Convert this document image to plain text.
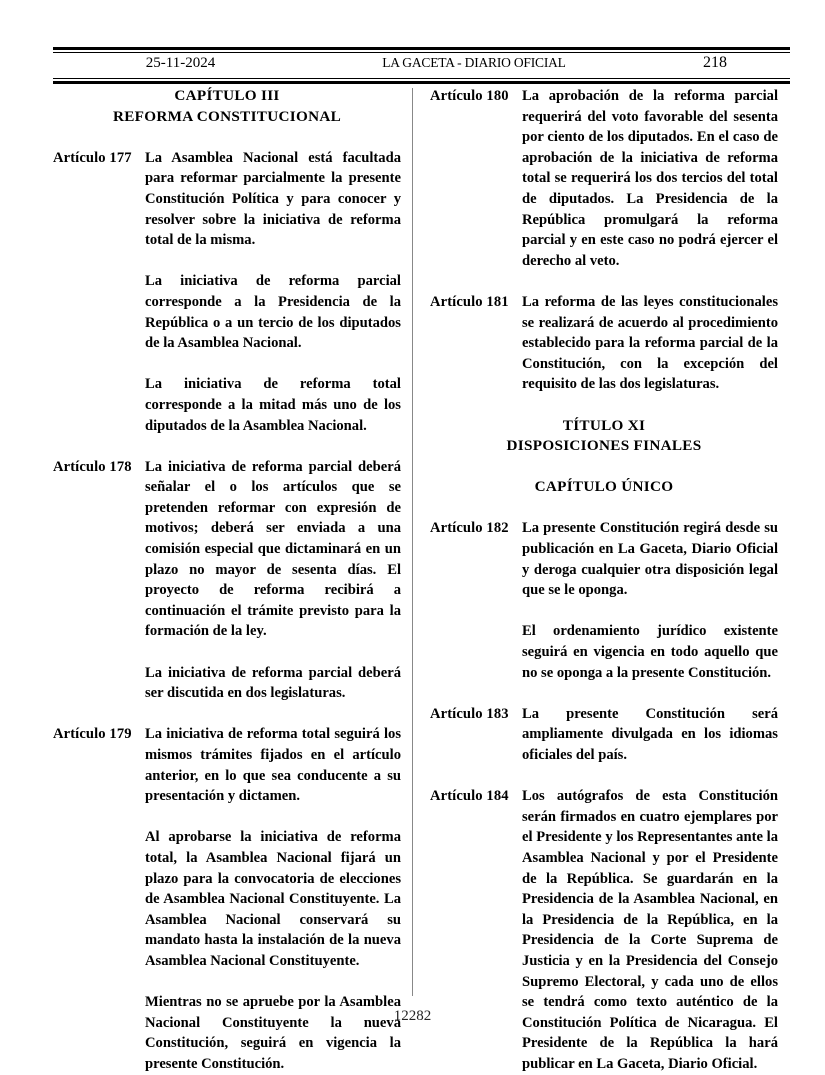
25-11-2024	LA GACETA - DIARIO OFICIAL	218
CAPÍTULO III
REFORMA CONSTITUCIONAL
Artículo 177 La Asamblea Nacional está facultada para reformar parcialmente la presente Constitución Política y para conocer y resolver sobre la iniciativa de reforma total de la misma.
La iniciativa de reforma parcial corresponde a la Presidencia de la República o a un tercio de los diputados de la Asamblea Nacional.
La iniciativa de reforma total corresponde a la mitad más uno de los diputados de la Asamblea Nacional.
Artículo 178 La iniciativa de reforma parcial deberá señalar el o los artículos que se pretenden reformar con expresión de motivos; deberá ser enviada a una comisión especial que dictaminará en un plazo no mayor de sesenta días. El proyecto de reforma recibirá a continuación el trámite previsto para la formación de la ley.
La iniciativa de reforma parcial deberá ser discutida en dos legislaturas.
Artículo 179 La iniciativa de reforma total seguirá los mismos trámites fijados en el artículo anterior, en lo que sea conducente a su presentación y dictamen.
Al aprobarse la iniciativa de reforma total, la Asamblea Nacional fijará un plazo para la convocatoria de elecciones de Asamblea Nacional Constituyente. La Asamblea Nacional conservará su mandato hasta la instalación de la nueva Asamblea Nacional Constituyente.
Mientras no se apruebe por la Asamblea Nacional Constituyente la nueva Constitución, seguirá en vigencia la presente Constitución.
Artículo 180 La aprobación de la reforma parcial requerirá del voto favorable del sesenta por ciento de los diputados. En el caso de aprobación de la iniciativa de reforma total se requerirá los dos tercios del total de diputados. La Presidencia de la República promulgará la reforma parcial y en este caso no podrá ejercer el derecho al veto.
Artículo 181 La reforma de las leyes constitucionales se realizará de acuerdo al procedimiento establecido para la reforma parcial de la Constitución, con la excepción del requisito de las dos legislaturas.
TÍTULO XI
DISPOSICIONES FINALES
CAPÍTULO ÚNICO
Artículo 182 La presente Constitución regirá desde su publicación en La Gaceta, Diario Oficial y deroga cualquier otra disposición legal que se le oponga.
El ordenamiento jurídico existente seguirá en vigencia en todo aquello que no se oponga a la presente Constitución.
Artículo 183 La presente Constitución será ampliamente divulgada en los idiomas oficiales del país.
Artículo 184 Los autógrafos de esta Constitución serán firmados en cuatro ejemplares por el Presidente y los Representantes ante la Asamblea Nacional y por el Presidente de la República. Se guardarán en la Presidencia de la Asamblea Nacional, en la Presidencia de la República, en la Presidencia de la Corte Suprema de Justicia y en la Presidencia del Consejo Supremo Electoral, y cada uno de ellos se tendrá como texto auténtico de la Constitución Política de Nicaragua. El Presidente de la República la hará publicar en La Gaceta, Diario Oficial.
12282
